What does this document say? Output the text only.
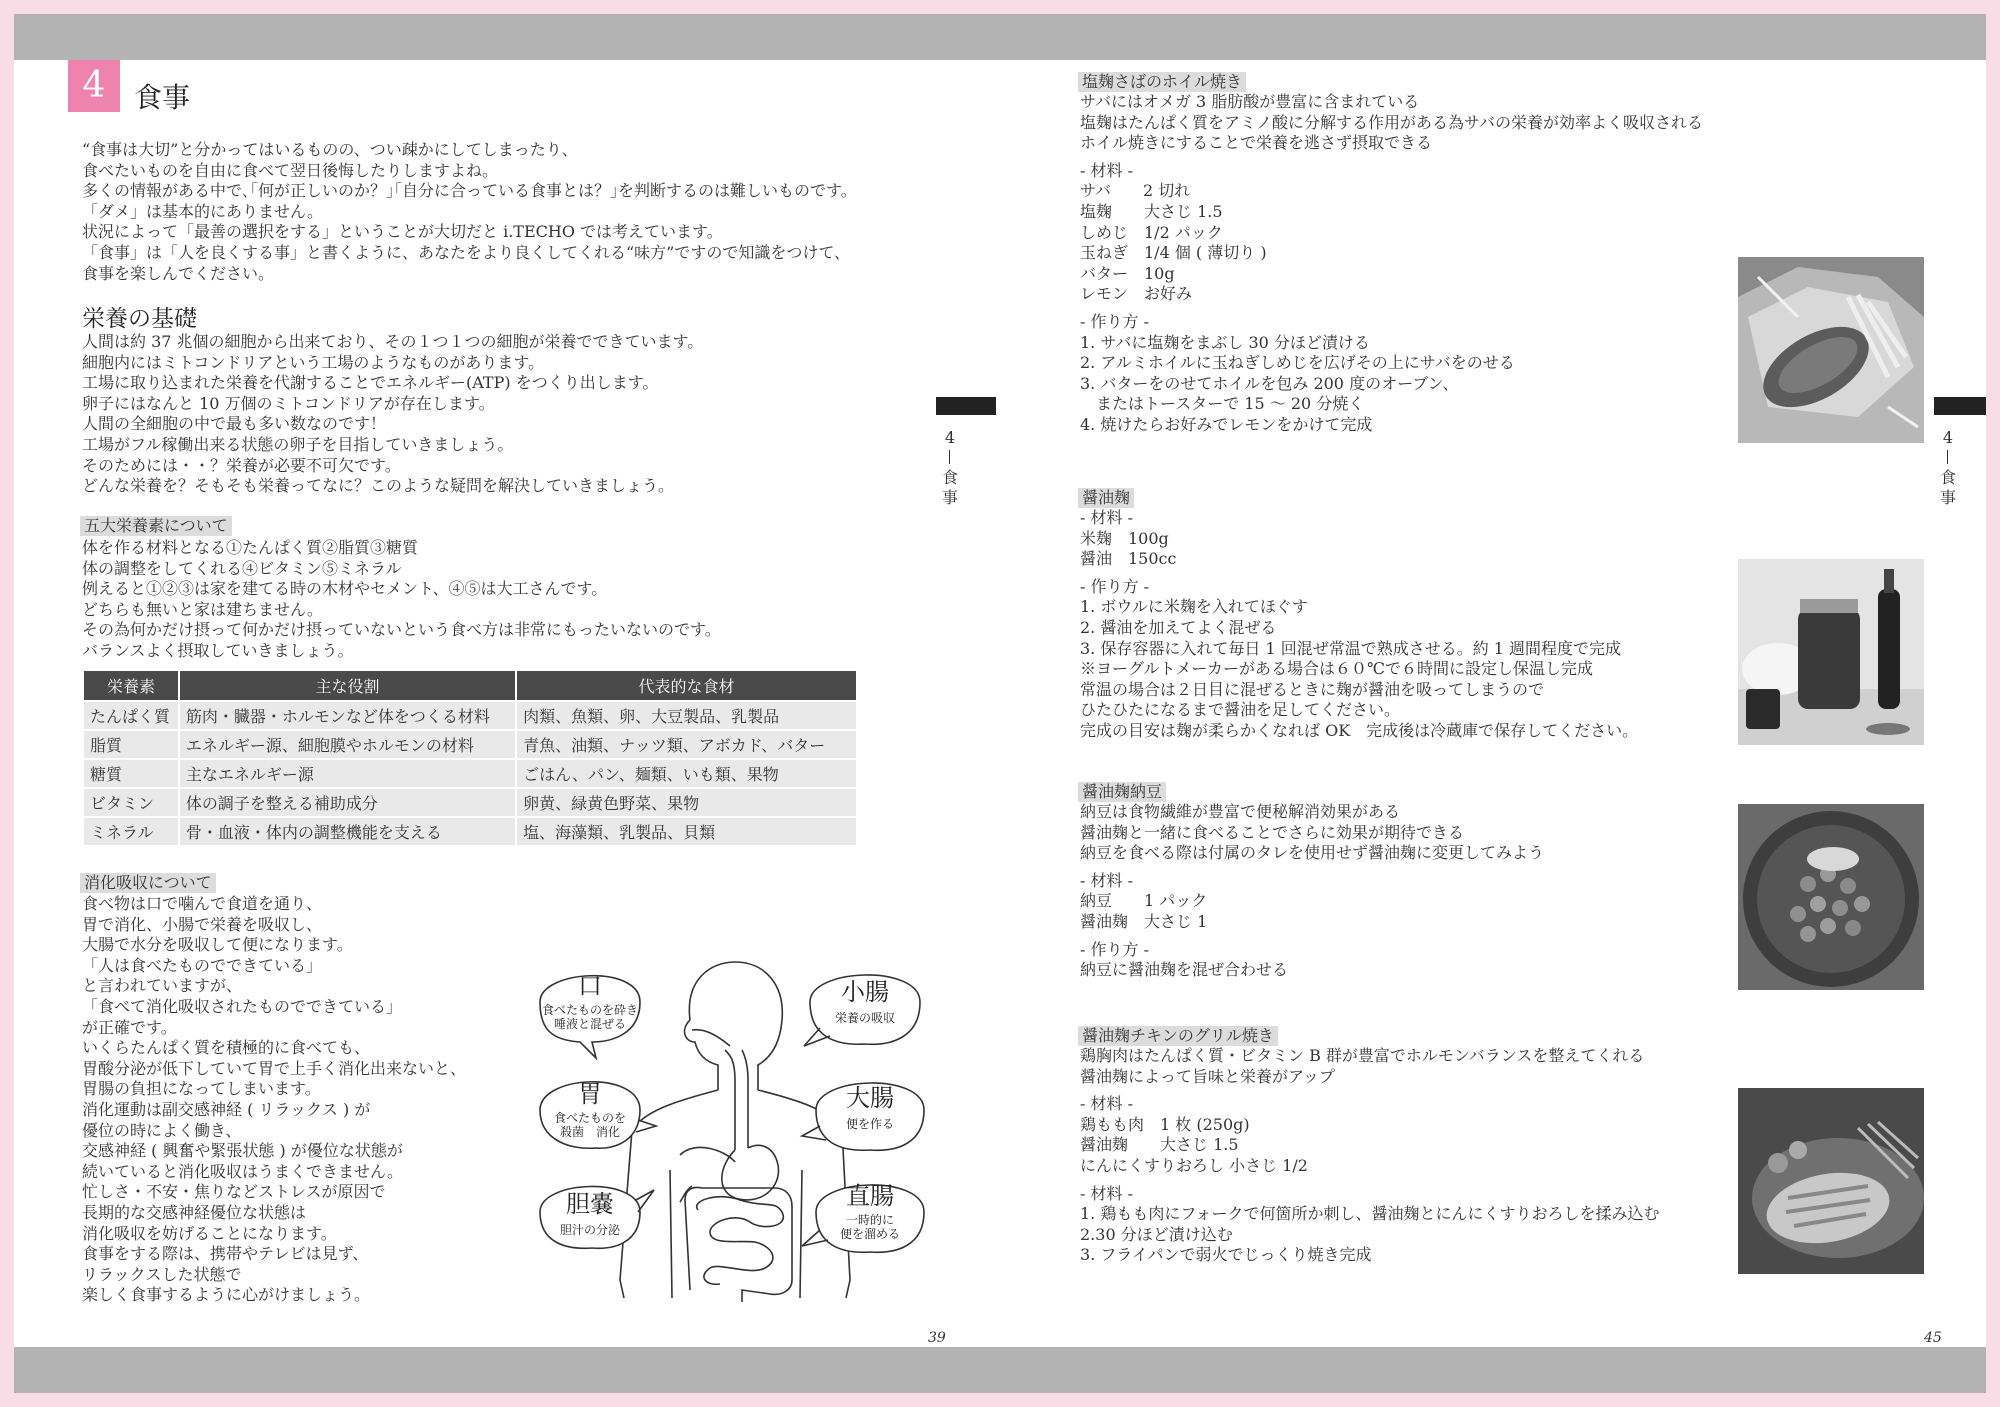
4	食事

“食事は大切”と分かってはいるものの、つい疎かにしてしまったり、

食べたいものを自由に食べて翌日後悔したりしますよね。

多くの情報がある中で､｢何が正しいのか？｣｢自分に合っている食事とは？｣を判断するのは難しいものです。

「ダメ」は基本的にありません。

状況によって「最善の選択をする」ということが大切だと i.TECHO では考えています。

「食事」は「人を良くする事」と書くように、あなたをより良くしてくれる“味方”ですので知識をつけて、

食事を楽しんでください。

栄養の基礎

人間は約 37 兆個の細胞から出来ており、その１つ１つの細胞が栄養でできています。

細胞内にはミトコンドリアという工場のようなものがあります。

工場に取り込まれた栄養を代謝することでエネルギー(ATP) をつくり出します。

卵子にはなんと 10 万個のミトコンドリアが存在します。

人間の全細胞の中で最も多い数なのです！

工場がフル稼働出来る状態の卵子を目指していきましょう。

そのためには・・？栄養が必要不可欠です。

どんな栄養を？そもそも栄養ってなに？このような疑問を解決していきましょう。

五大栄養素について

体を作る材料となる①たんぱく質②脂質③糖質

体の調整をしてくれる④ビタミン⑤ミネラル

例えると①②③は家を建てる時の木材やセメント、④⑤は大工さんです。

どちらも無いと家は建ちません。

その為何かだけ摂って何かだけ摂っていないという食べ方は非常にもったいないのです。

バランスよく摂取していきましょう。

栄養素	主な役割	代表的な食材
たんぱく質	筋肉・臓器・ホルモンなど体をつくる材料	肉類、魚類、卵、大豆製品、乳製品
脂質	エネルギー源、細胞膜やホルモンの材料	青魚、油類、ナッツ類、アボカド、バター
糖質	主なエネルギー源	ごはん、パン、麺類、いも類、果物
ビタミン	体の調子を整える補助成分	卵黄、緑黄色野菜、果物
ミネラル	骨・血液・体内の調整機能を支える	塩、海藻類、乳製品、貝類
消化吸収について

食べ物は口で噛んで食道を通り、

胃で消化、小腸で栄養を吸収し、

大腸で水分を吸収して便になります。

「人は食べたものでできている」

と言われていますが、

「食べて消化吸収されたものでできている」

が正確です。

いくらたんぱく質を積極的に食べても、

胃酸分泌が低下していて胃で上手く消化出来ないと、

胃腸の負担になってしまいます。

消化運動は副交感神経 ( リラックス ) が

優位の時によく働き、

交感神経 ( 興奮や緊張状態 ) が優位な状態が

続いていると消化吸収はうまくできません。

忙しさ・不安・焦りなどストレスが原因で

長期的な交感神経優位な状態は

消化吸収を妨げることになります。

食事をする際は、携帯やテレビは見ず、

リラックスした状態で

楽しく食事するように心がけましょう。

口
食べたものを砕き
唾液と混ぜる
胃
食べたものを
殺菌　消化
胆嚢
胆汁の分泌
小腸
栄養の吸収
大腸
便を作る
直腸
一時的に
便を溜める
4
食
事
39
塩麹さばのホイル焼き

サバにはオメガ 3 脂肪酸が豊富に含まれている

塩麹はたんぱく質をアミノ酸に分解する作用がある為サバの栄養が効率よく吸収される

ホイル焼きにすることで栄養を逃さず摂取できる

- 材料 -

サバ　　2 切れ

塩麹　　大さじ 1.5

しめじ　1/2 パック

玉ねぎ　1/4 個 ( 薄切り )

バター　10g

レモン　お好み

- 作り方 -

1. サバに塩麹をまぶし 30 分ほど漬ける

2. アルミホイルに玉ねぎしめじを広げその上にサバをのせる

3. バターをのせてホイルを包み 200 度のオーブン、

　またはトースターで 15 ～ 20 分焼く

4. 焼けたらお好みでレモンをかけて完成

醤油麹

- 材料 -

米麹　100g

醤油　150cc

- 作り方 -

1. ボウルに米麹を入れてほぐす

2. 醤油を加えてよく混ぜる

3. 保存容器に入れて毎日 1 回混ぜ常温で熟成させる。約 1 週間程度で完成

※ヨーグルトメーカーがある場合は６０℃で６時間に設定し保温し完成

常温の場合は２日目に混ぜるときに麹が醤油を吸ってしまうので

ひたひたになるまで醤油を足してください。

完成の目安は麹が柔らかくなれば OK　完成後は冷蔵庫で保存してください。

醤油麹納豆

納豆は食物繊維が豊富で便秘解消効果がある

醤油麹と一緒に食べることでさらに効果が期待できる

納豆を食べる際は付属のタレを使用せず醤油麹に変更してみよう

- 材料 -

納豆　　1 パック

醤油麹　大さじ 1

- 作り方 -

納豆に醤油麹を混ぜ合わせる

醤油麹チキンのグリル焼き

鶏胸肉はたんぱく質・ビタミン B 群が豊富でホルモンバランスを整えてくれる

醤油麹によって旨味と栄養がアップ

- 材料 -

鶏もも肉　1 枚 (250g)

醤油麹　　大さじ 1.5

にんにくすりおろし 小さじ 1/2

- 材料 -

1. 鶏もも肉にフォークで何箇所か刺し、醤油麹とにんにくすりおろしを揉み込む

2.30 分ほど漬け込む

3. フライパンで弱火でじっくり焼き完成

4
食
事
45
